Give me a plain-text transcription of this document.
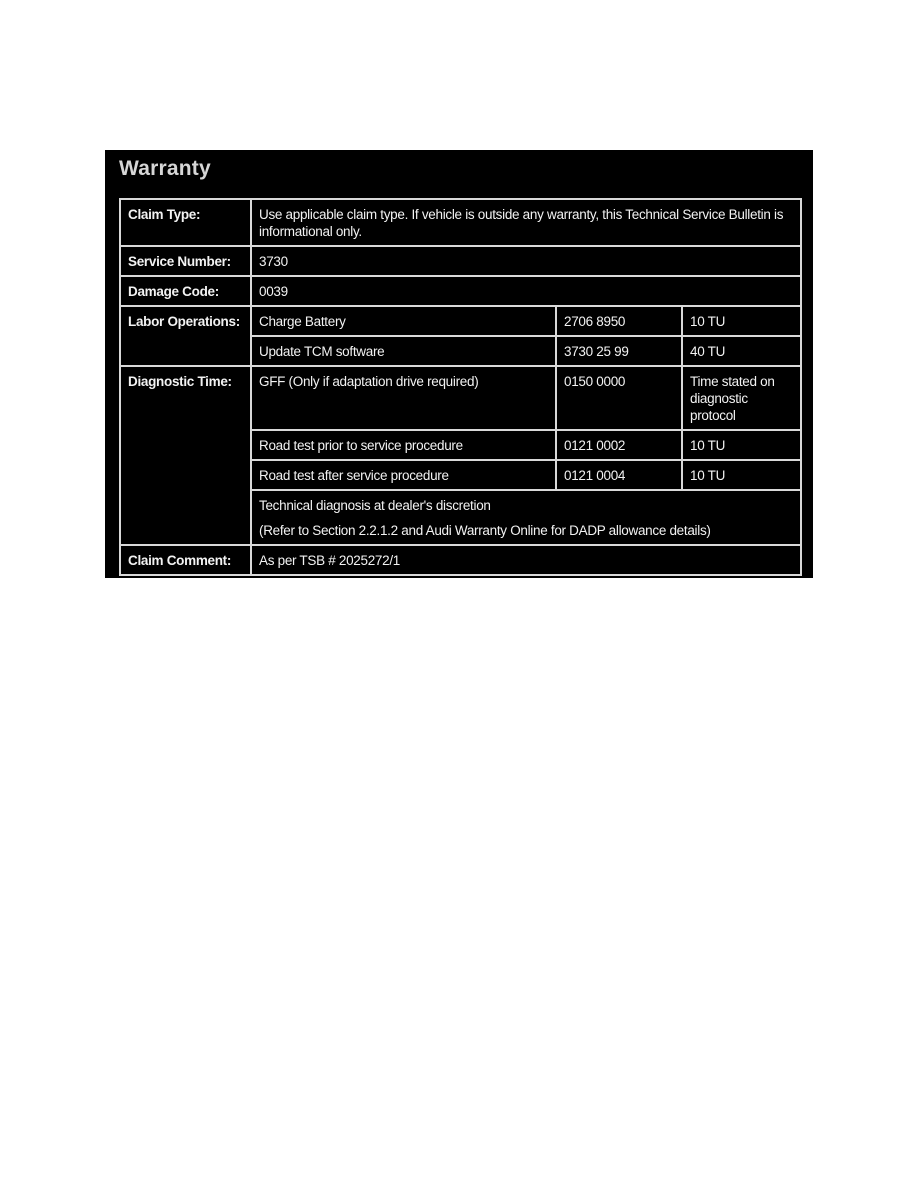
Warranty
Claim Type:	Use applicable claim type. If vehicle is outside any warranty, this Technical Service Bulletin is informational only.		
Service Number:	3730		
Damage Code:	0039		
Labor Operations:	Charge Battery	2706 8950	10 TU
	Update TCM software	3730 25 99	40 TU
Diagnostic Time:	GFF (Only if adaptation drive required)	0150 0000	Time stated on diagnostic protocol
	Road test prior to service procedure	0121 0002	10 TU
	Road test after service procedure	0121 0004	10 TU

	Technical diagnosis at dealer's discretion
(Refer to Section 2.2.1.2 and Audi Warranty Online for DADP allowance details)		

Claim Comment:	As per TSB # 2025272/1		
